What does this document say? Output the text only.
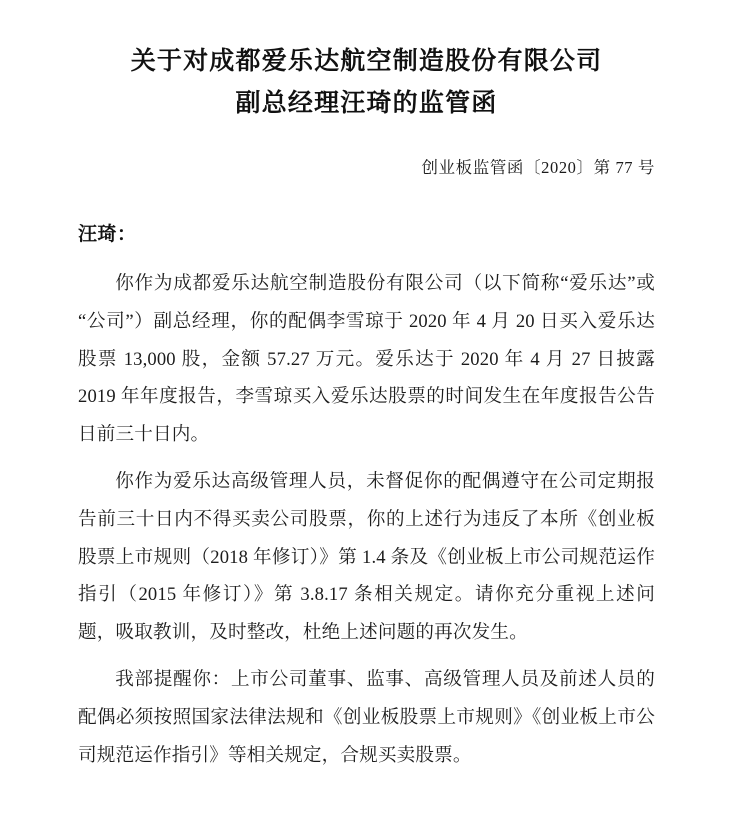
关于对成都爱乐达航空制造股份有限公司
副总经理汪琦的监管函
创业板监管函〔2020〕第 77 号

汪琦：

你作为成都爱乐达航空制造股份有限公司（以下简称“爱乐达”或“公司”）副总经理，你的配偶李雪琼于 2020 年 4 月 20 日买入爱乐达股票 13,000 股，金额 57.27 万元。爱乐达于 2020 年 4 月 27 日披露 2019 年年度报告，李雪琼买入爱乐达股票的时间发生在年度报告公告日前三十日内。

你作为爱乐达高级管理人员，未督促你的配偶遵守在公司定期报告前三十日内不得买卖公司股票，你的上述行为违反了本所《创业板股票上市规则（2018 年修订）》第 1.4 条及《创业板上市公司规范运作指引（2015 年修订）》第 3.8.17 条相关规定。请你充分重视上述问题，吸取教训，及时整改，杜绝上述问题的再次发生。

我部提醒你：上市公司董事、监事、高级管理人员及前述人员的配偶必须按照国家法律法规和《创业板股票上市规则》《创业板上市公司规范运作指引》等相关规定，合规买卖股票。
